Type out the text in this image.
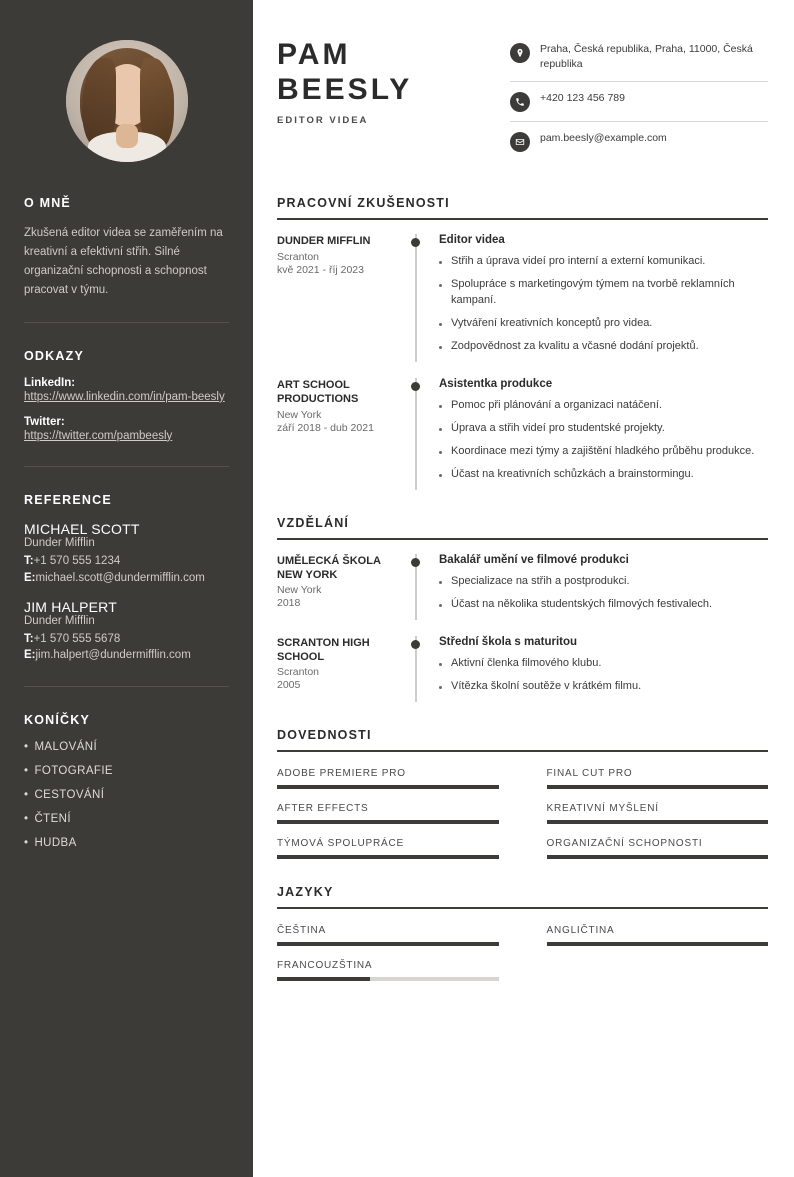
O MNĚ
Zkušená editor videa se zaměřením na kreativní a efektivní střih. Silné organizační schopnosti a schopnost pracovat v týmu.
ODKAZY
LinkedIn:
https://www.linkedin.com/in/pam-beesly
Twitter:
https://twitter.com/pambeesly
REFERENCE
MICHAEL SCOTT
Dunder Mifflin
T:+1 570 555 1234
E:michael.scott@dundermifflin.com
JIM HALPERT
Dunder Mifflin
T:+1 570 555 5678
E:jim.halpert@dundermifflin.com
KONÍČKY
• MALOVÁNÍ
• FOTOGRAFIE
• CESTOVÁNÍ
• ČTENÍ
• HUDBA
PAM
BEESLY
EDITOR VIDEA
Praha, Česká republika, Praha, 11000, Česká republika
+420 123 456 789
pam.beesly@example.com
PRACOVNÍ ZKUŠENOSTI
DUNDER MIFFLIN
Scranton
kvě 2021 - říj 2023
Editor videa
Střih a úprava videí pro interní a externí komunikaci.
Spolupráce s marketingovým týmem na tvorbě reklamních kampaní.
Vytváření kreativních konceptů pro videa.
Zodpovědnost za kvalitu a včasné dodání projektů.
ART SCHOOL PRODUCTIONS
New York
září 2018 - dub 2021
Asistentka produkce
Pomoc při plánování a organizaci natáčení.
Úprava a střih videí pro studentské projekty.
Koordinace mezi týmy a zajištění hladkého průběhu produkce.
Účast na kreativních schůzkách a brainstormingu.
VZDĚLÁNÍ
UMĚLECKÁ ŠKOLA NEW YORK
New York
2018
Bakalář umění ve filmové produkci
Specializace na střih a postprodukci.
Účast na několika studentských filmových festivalech.
SCRANTON HIGH SCHOOL
Scranton
2005
Střední škola s maturitou
Aktivní členka filmového klubu.
Vítězka školní soutěže v krátkém filmu.
DOVEDNOSTI
ADOBE PREMIERE PRO	FINAL CUT PRO
AFTER EFFECTS	KREATIVNÍ MYŠLENÍ
TÝMOVÁ SPOLUPRÁCE	ORGANIZAČNÍ SCHOPNOSTI
JAZYKY
ČEŠTINA	ANGLIČTINA
FRANCOUZŠTINA
